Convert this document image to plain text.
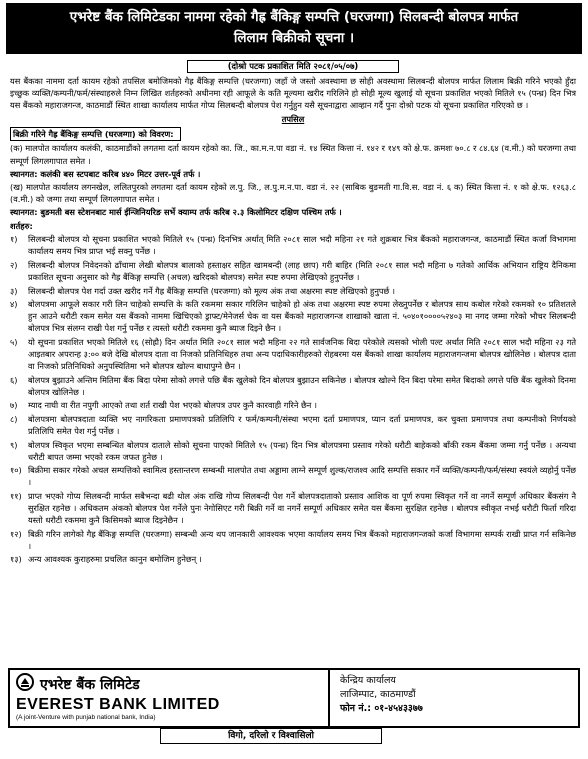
एभरेष्ट बैंक लिमिटेडका नाममा रहेको गैह्र बैंकिङ्ग सम्पत्ति (घरजग्गा) सिलबन्दी बोलपत्र मार्फत
लिलाम बिक्रीको सूचना ।
(दोश्रो पटक प्रकाशित मिति २०८१/०५/०७)
यस बैंकका नाममा दर्ता कायम रहेको तपसिल बमोजिमको गैह्र बैंकिङ्ग सम्पत्ति (घरजग्गा) जहाँ जे जस्तो अवस्थामा छ सोही अवस्थामा सिलबन्दी बोलपत्र मार्फत लिलाम बिक्री गरिने भएको हुँदा इच्छुक व्यक्ति/कम्पनी/फर्म/संस्थाहरुले निम्न लिखित शर्तहरुको अधीनमा रही आफूले के कति मूल्यमा खरीद गरिलिने हो सोही मूल्य खुलाई यो सूचना प्रकाशित भएको मितिले १५ (पन्ध्र) दिन भित्र यस बैंकको महाराजगन्ज, काठमाडौं स्थित शाखा कार्यालय मार्फत गोप्य सिलबन्दी बोलपत्र पेश गर्नुहुन यसै सूचनाद्वारा आव्हान गर्दै पुनः दोश्रो पटक यो सूचना प्रकाशित गरिएको छ ।
तपसिल
बिक्री गरिने गैह्र बैंकिङ्ग सम्पत्ति (घरजग्गा) को विवरण:
(क) मालपोत कार्यालय कलंकी, काठमाडौंको लगतमा दर्ता कायम रहेको का. जि., का.म.न.पा वडा नं. १४ स्थित कित्ता नं. १४२ र १४९ को क्षे.फ. क्रमशः ७०.८ र ८४.६४ (व.मी.) को घरजग्गा तथा सम्पूर्ण लिगलगापात समेत ।
स्थानगत: कलंकी बस स्टपबाट करिब ४४० मिटर उत्तर-पूर्व तर्फ ।
(ख) मालपोत कार्यालय लगनखेल, ललितपुरको लगतमा दर्ता कायम रहेको ल.पु. जि., ल.पु.म.न.पा. वडा नं. २२ (साबिक बुङमती गा.वि.स. वडा नं. ६ क) स्थित कित्ता नं. १ को क्षे.फ. १२६३.८ (व.मी.) को जग्गा तथा सम्पूर्ण लिगलगापात समेत ।
स्थानगत: बुङमती बस स्टेशनबाट मार्स ईन्जिनियरिङ सर्भे क्याम्प तर्फ करिब २.३ किलोमिटर दक्षिण पश्चिम तर्फ ।
शर्तहरु:
१)	सिलबन्दी बोलपत्र यो सूचना प्रकाशित भएको मितिले १५ (पन्ध्र) दिनभित्र अर्थात् मिति २०८१ साल भदौ महिना २१ गते शुक्रबार भित्र बैंकको महाराजगन्ज, काठमाडौं स्थित कर्जा विभागमा कार्यालय समय भित्र प्राप्त भई सक्नु पर्नेछ ।
२)	सिलबन्दी बोलपत्र निवेदनको ढाँचामा लेखी बोलपत्र बालाको हस्ताक्षर सहित खामबन्दी (लाह छाप) गरी बाहिर (मिति २०८१ साल भदौ महिना ७ गतेको आर्थिक अभियान राष्ट्रिय दैनिकमा प्रकाशित सूचना अनुसार को गैह्र बैंकिङ्ग सम्पत्ति (अचल) खरिदको बोलपत्र) समेत स्पष्ट रुपमा लेखिएको हुनुपर्नेछ ।
३)	सिलबन्दी बोलपत्र पेश गर्दा उक्त खरीद गर्ने गैह्र बैंकिङ्ग सम्पत्ति (घरजग्गा) को मूल्य अंक तथा अक्षरमा स्पष्ट लेखिएको हुनुपर्छ ।
४)	बोलपत्रमा आफूले सकार गरी लिन चाहेको सम्पत्ति के कति रकममा सकार गरिलिन चाहेको हो अंक तथा अक्षरमा स्पष्ट रुपमा लेख्नुपर्नेछ र बोलपत्र साथ कबोल गरेको रकमको १० प्रतिशतले हुन आउने धरौटी रकम समेत यस बैंकको नाममा खिचिएको ड्राफ्ट/मेनेजर्स चेक वा यस बैंकको महाराजगन्ज शाखाको खाता नं. ५०४०१००००५२४०३ मा नगद जम्मा गरेको भौचर सिलबन्दी बोलपत्र भित्र संलग्न राखी पेश गर्नु पर्नेछ र त्यस्तो धरौटी रकममा कुनै ब्याज दिइने छैन ।
५)	यो सूचना प्रकाशित भएको मितिले १६ (सोह्रौ) दिन अर्थात मिति २०८१ साल भदौ महिना २२ गते सार्वजनिक बिदा परेकोले त्यसको भोली पल्ट अर्थात मिति २०८१ साल भदौ महिना २३ गते आइतबार अपरान्ह ३:०० बजे देखि बोलपत्र दाता वा निजको प्रतिनिधिहरु तथा अन्य पदाधिकारीहरुको रोहबरमा यस बैंकको शाखा कार्यालय महाराजगन्जमा बोलपत्र खोलिनेछ । बोलपत्र दाता वा निजको प्रतिनिधिको अनुपस्थितिमा भने बोलपत्र खोल्न बाधापुग्ने छैन ।
६)	बोलपत्र बुझाउने अन्तिम मितिमा बैंक बिदा परेमा सोको लगत्ते पछि बैंक खुलेको दिन बोलपत्र बुझाउन सकिनेछ । बोलपत्र खोल्ने दिन बिदा परेमा समेत बिदाको लगत्ते पछि बैंक खुलेको दिनमा बोलपत्र खोलिनेछ ।
७)	म्याद नाघी वा रीत नपुगी आएको तथा शर्त राखी पेश भएको बोलपत्र उपर कुनै कारवाही गरिने छैन ।
८)	बोलपत्रमा बोलपत्रदाता व्यक्ति भए नागरिकता प्रमाणपत्रको प्रतिलिपि र फर्म/कम्पनी/संस्था भएमा दर्ता प्रमाणपत्र, प्यान दर्ता प्रमाणपत्र, कर चुक्ता प्रमाणपत्र तथा कम्पनीको निर्णयको प्रतिलिपि समेत पेश गर्नु पर्नेछ ।
९)	बोलपत्र स्विकृत भएमा सम्बन्धित बोलपत्र दाताले सोको सूचना पाएको मितिले १५ (पन्ध्र) दिन भित्र बोलपत्रमा प्रस्ताव गरेको धरौटी बाहेकको बाँकी रकम बैंकमा जम्मा गर्नु पर्नेछ । अन्यथा धरौटी बापत जम्मा भएको रकम जफत हुनेछ ।
१०) बिक्रीमा सकार गरेको अचल सम्पत्तिको स्वामित्व हस्तान्तरण सम्बन्धी मालपोत तथा अड्डामा लाग्ने सम्पूर्ण शुल्क/राजश्व आदि सम्पत्ति सकार गर्ने व्यक्ति/कम्पनी/फर्म/संस्था स्वयंले व्यहोर्नु पर्नेछ ।
११) प्राप्त भएको गोप्य सिलबन्दी मार्फत सबैभन्दा बढी थोल अंक राखि गोप्य सिलबन्दी पेश गर्ने बोलपत्रदाताको प्रस्ताव आशिक वा पूर्ण रुपमा स्विकृत गर्ने वा नगर्ने सम्पूर्ण अधिकार बैंकसंग नै सुरक्षित रहनेछ । अधिकतम अंकको बोलपत्र पेश गर्नेले पुनः नेगोसिएट गरी बिक्री गर्ने वा नगर्ने सम्पूर्ण अधिकार समेत यस बैंकमा सुरक्षित रहनेछ । बोलपत्र स्वीकृत नभई धरौटी फिर्ता गरिदा यस्तो धरौटी रकममा कुनै किसिमको ब्याज दिइनेछैन ।
१२) बिक्री गरिन लागेको गैह्र बैंकिङ्ग सम्पत्ति (घरजग्गा) सम्बन्धी अन्य थप जानकारी आवश्यक भएमा कार्यालय समय भित्र बैंकको महाराजगन्जको कर्जा विभागमा सम्पर्क राखी प्राप्त गर्न सकिनेछ ।
१३) अन्य आवश्यक कुराहरुमा प्रचलित कानुन बमोजिम हुनेछन् ।
एभरेष्ट बैंक लिमिटेड
EVEREST BANK LIMITED
(A joint-Venture with punjab national bank, India)
केन्द्रिय कार्यालय
लाजिम्पाट, काठमाण्डौं
फोन नं.: ०१-४५४३३७७
विगो, दरिलो र विश्वासिलो
